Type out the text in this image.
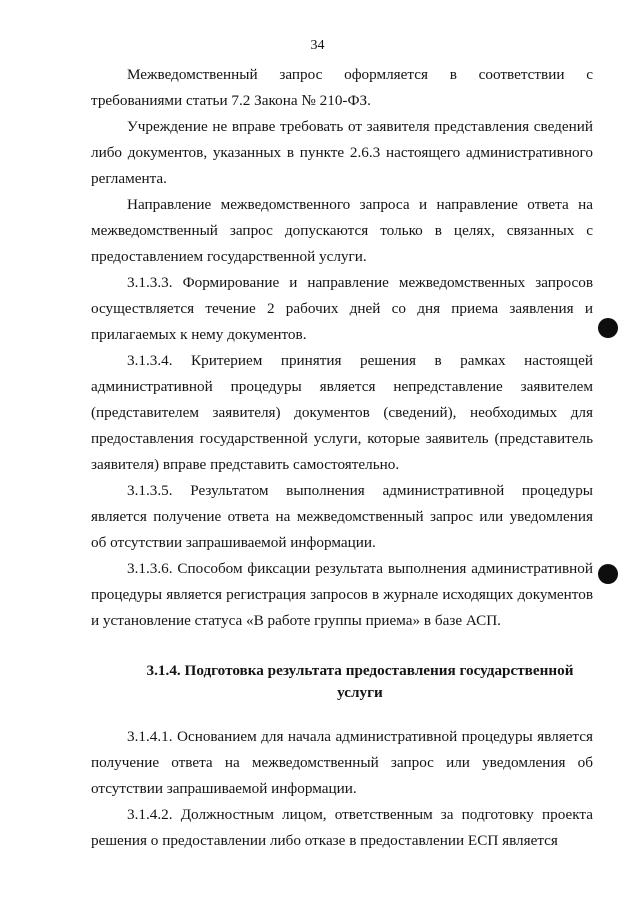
34

Межведомственный запрос оформляется в соответствии с требованиями статьи 7.2 Закона № 210-ФЗ.

Учреждение не вправе требовать от заявителя представления сведений либо документов, указанных в пункте 2.6.3 настоящего административного регламента.

Направление межведомственного запроса и направление ответа на межведомственный запрос допускаются только в целях, связанных с предоставлением государственной услуги.

3.1.3.3. Формирование и направление межведомственных запросов осуществляется течение 2 рабочих дней со дня приема заявления и прилагаемых к нему документов.

3.1.3.4. Критерием принятия решения в рамках настоящей административной процедуры является непредставление заявителем (представителем заявителя) документов (сведений), необходимых для предоставления государственной услуги, которые заявитель (представитель заявителя) вправе представить самостоятельно.

3.1.3.5. Результатом выполнения административной процедуры является получение ответа на межведомственный запрос или уведомления об отсутствии запрашиваемой информации.

3.1.3.6. Способом фиксации результата выполнения административной процедуры является регистрация запросов в журнале исходящих документов и установление статуса «В работе группы приема» в базе АСП.

3.1.4. Подготовка результата предоставления государственной услуги

3.1.4.1. Основанием для начала административной процедуры является получение ответа на межведомственный запрос или уведомления об отсутствии запрашиваемой информации.

3.1.4.2. Должностным лицом, ответственным за подготовку проекта решения о предоставлении либо отказе в предоставлении ЕСП является
